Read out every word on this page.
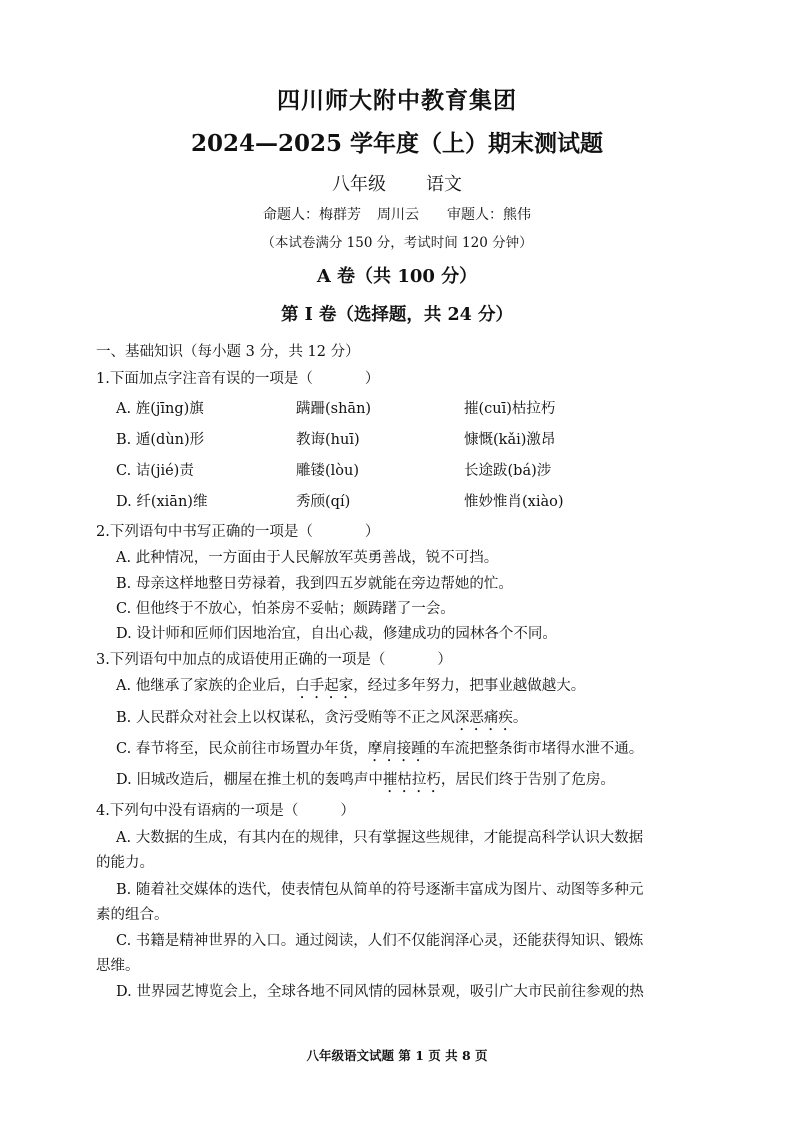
四川师大附中教育集团
2024—2025 学年度（上）期末测试题
八年级 语文
命题人：梅群芳 周川云 审题人：熊伟
（本试卷满分 150 分，考试时间 120 分钟）
A 卷（共 100 分）
第 I 卷（选择题，共 24 分）
一、基础知识（每小题 3 分，共 12 分）
1.下面加点字注音有误的一项是（	）
A. 旌(jīng)旗	蹒跚(shān)	摧(cuī)枯拉朽
B. 遁(dùn)形	教诲(huī)	慷慨(kǎi)激昂
C. 诘(jié)责	雕镂(lòu)	长途跋(bá)涉
D. 纤(xiān)维	秀颀(qí)	惟妙惟肖(xiào)
2.下列语句中书写正确的一项是（	）
A. 此种情况，一方面由于人民解放军英勇善战，锐不可挡。
B. 母亲这样地整日劳禄着，我到四五岁就能在旁边帮她的忙。
C. 但他终于不放心，怕茶房不妥帖；颇踌躇了一会。
D. 设计师和匠师们因地治宜，自出心裁，修建成功的园林各个不同。
3.下列语句中加点的成语使用正确的一项是（	）
A. 他继承了家族的企业后，白手起家，经过多年努力，把事业越做越大。
B. 人民群众对社会上以权谋私，贪污受贿等不正之风深恶痛疾。
C. 春节将至，民众前往市场置办年货，摩肩接踵的车流把整条街市堵得水泄不通。
D. 旧城改造后，棚屋在推土机的轰鸣声中摧枯拉朽，居民们终于告别了危房。
4.下列句中没有语病的一项是（	）
A. 大数据的生成，有其内在的规律，只有掌握这些规律，才能提高科学认识大数据
的能力。
B. 随着社交媒体的迭代，使表情包从简单的符号逐渐丰富成为图片、动图等多种元
素的组合。
C. 书籍是精神世界的入口。通过阅读，人们不仅能润泽心灵，还能获得知识、锻炼
思维。
D. 世界园艺博览会上，全球各地不同风情的园林景观，吸引广大市民前往参观的热
八年级语文试题 第 1 页 共 8 页
